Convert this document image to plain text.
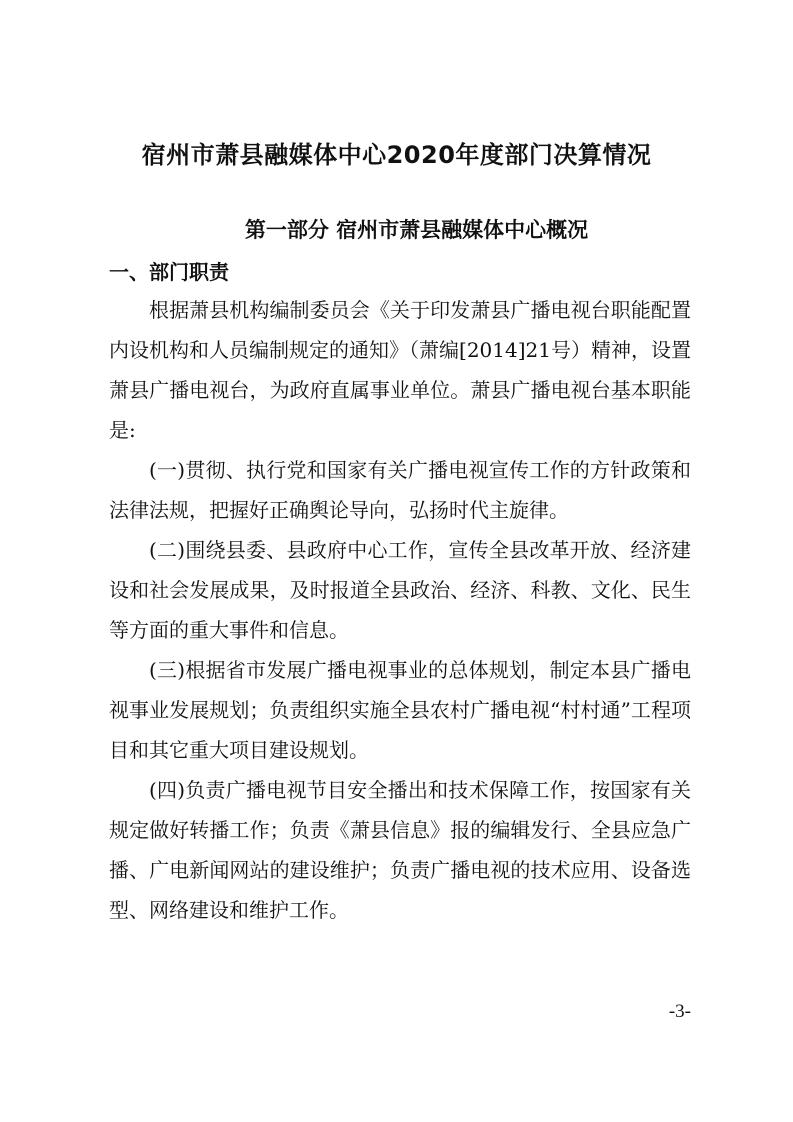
宿州市萧县融媒体中心2020年度部门决算情况
第一部分 宿州市萧县融媒体中心概况
一、部门职责

根据萧县机构编制委员会《关于印发萧县广播电视台职能配置内设机构和人员编制规定的通知》（萧编[2014]21号）精神，设置萧县广播电视台，为政府直属事业单位。萧县广播电视台基本职能是:

(一)贯彻、执行党和国家有关广播电视宣传工作的方针政策和法律法规，把握好正确舆论导向，弘扬时代主旋律。

(二)围绕县委、县政府中心工作，宣传全县改革开放、经济建设和社会发展成果，及时报道全县政治、经济、科教、文化、民生等方面的重大事件和信息。

(三)根据省市发展广播电视事业的总体规划，制定本县广播电视事业发展规划；负责组织实施全县农村广播电视“村村通”工程项目和其它重大项目建设规划。

(四)负责广播电视节目安全播出和技术保障工作，按国家有关规定做好转播工作；负责《萧县信息》报的编辑发行、全县应急广播、广电新闻网站的建设维护；负责广播电视的技术应用、设备选型、网络建设和维护工作。

-3-
